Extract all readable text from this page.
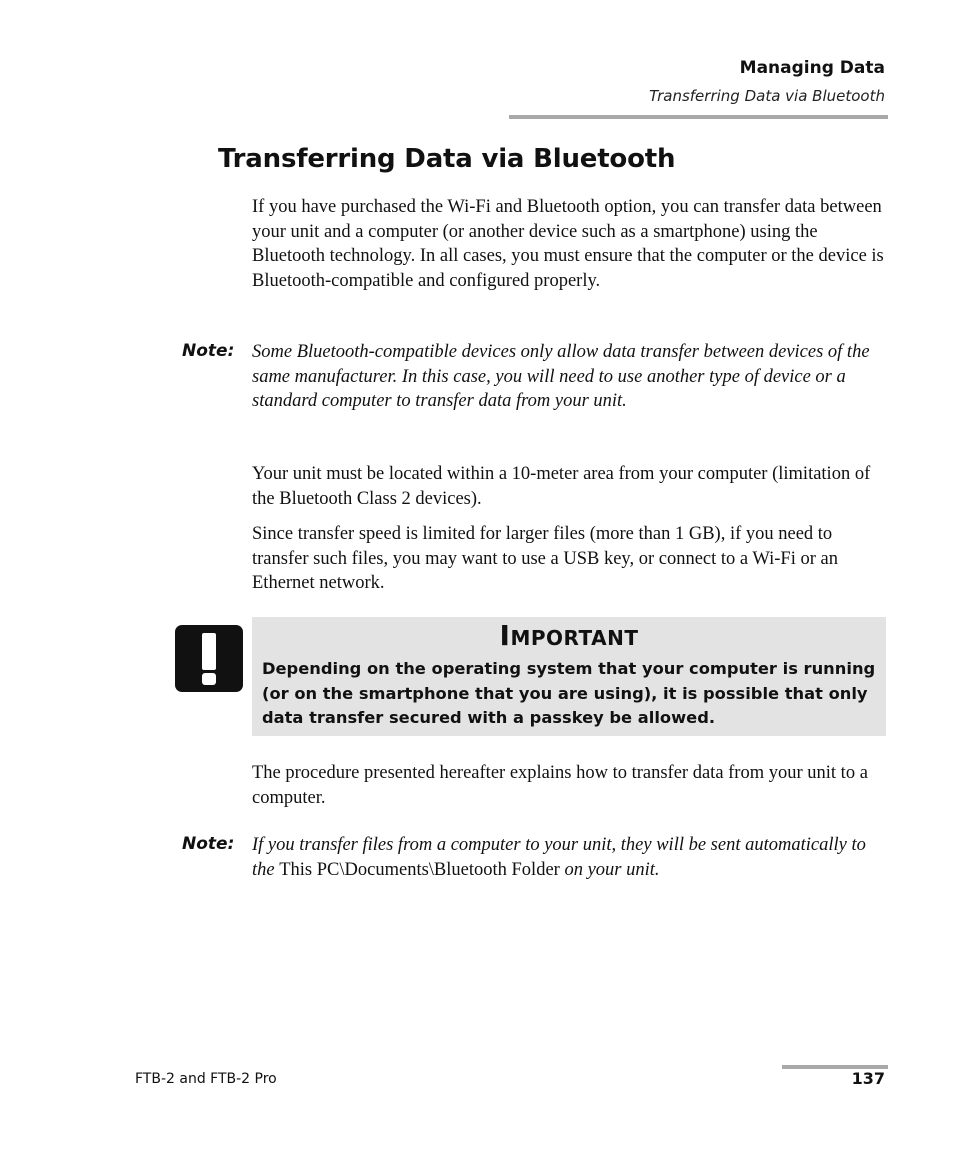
Managing Data
Transferring Data via Bluetooth
Transferring Data via Bluetooth

If you have purchased the Wi-Fi and Bluetooth option, you can transfer data between your unit and a computer (or another device such as a smartphone) using the Bluetooth technology. In all cases, you must ensure that the computer or the device is Bluetooth-compatible and configured properly.

Note: Some Bluetooth-compatible devices only allow data transfer between devices of the same manufacturer. In this case, you will need to use another type of device or a standard computer to transfer data from your unit.

Your unit must be located within a 10-meter area from your computer (limitation of the Bluetooth Class 2 devices).

Since transfer speed is limited for larger files (more than 1 GB), if you need to transfer such files, you may want to use a USB key, or connect to a Wi-Fi or an Ethernet network.

Important

Depending on the operating system that your computer is running (or on the smartphone that you are using), it is possible that only data transfer secured with a passkey be allowed.

The procedure presented hereafter explains how to transfer data from your unit to a computer.

Note: If you transfer files from a computer to your unit, they will be sent automatically to the This PC\Documents\Bluetooth Folder on your unit.

FTB-2 and FTB-2 Pro	137
